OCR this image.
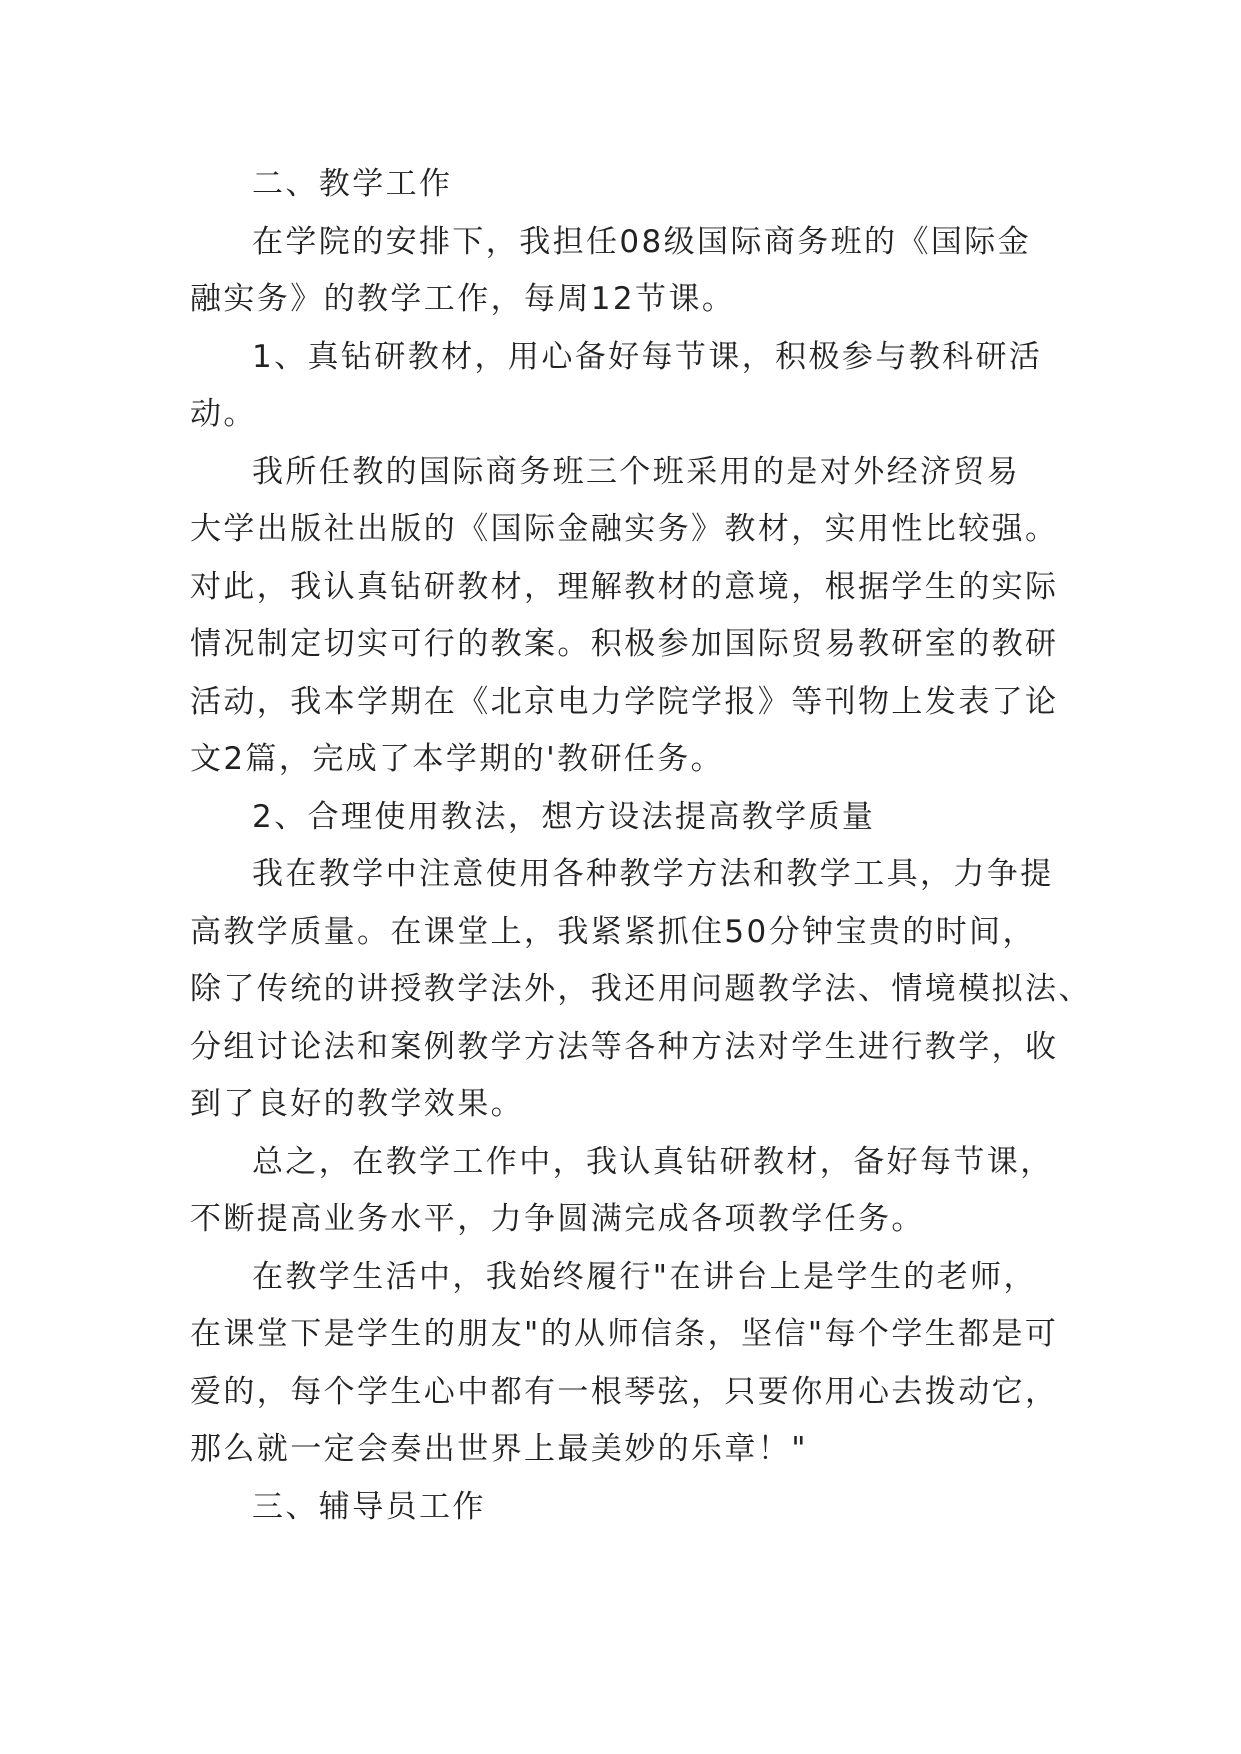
二、教学工作

在学院的安排下，我担任08级国际商务班的《国际金
融实务》的教学工作，每周12节课。

1、真钻研教材，用心备好每节课，积极参与教科研活
动。

我所任教的国际商务班三个班采用的是对外经济贸易
大学出版社出版的《国际金融实务》教材，实用性比较强。
对此，我认真钻研教材，理解教材的意境，根据学生的实际
情况制定切实可行的教案。积极参加国际贸易教研室的教研
活动，我本学期在《北京电力学院学报》等刊物上发表了论
文2篇，完成了本学期的'教研任务。

2、合理使用教法，想方设法提高教学质量

我在教学中注意使用各种教学方法和教学工具，力争提
高教学质量。在课堂上，我紧紧抓住50分钟宝贵的时间，
除了传统的讲授教学法外，我还用问题教学法、情境模拟法、
分组讨论法和案例教学方法等各种方法对学生进行教学，收
到了良好的教学效果。

总之，在教学工作中，我认真钻研教材，备好每节课，
不断提高业务水平，力争圆满完成各项教学任务。

在教学生活中，我始终履行"在讲台上是学生的老师，
在课堂下是学生的朋友"的从师信条，坚信"每个学生都是可
爱的，每个学生心中都有一根琴弦，只要你用心去拨动它，
那么就一定会奏出世界上最美妙的乐章！"

三、辅导员工作
